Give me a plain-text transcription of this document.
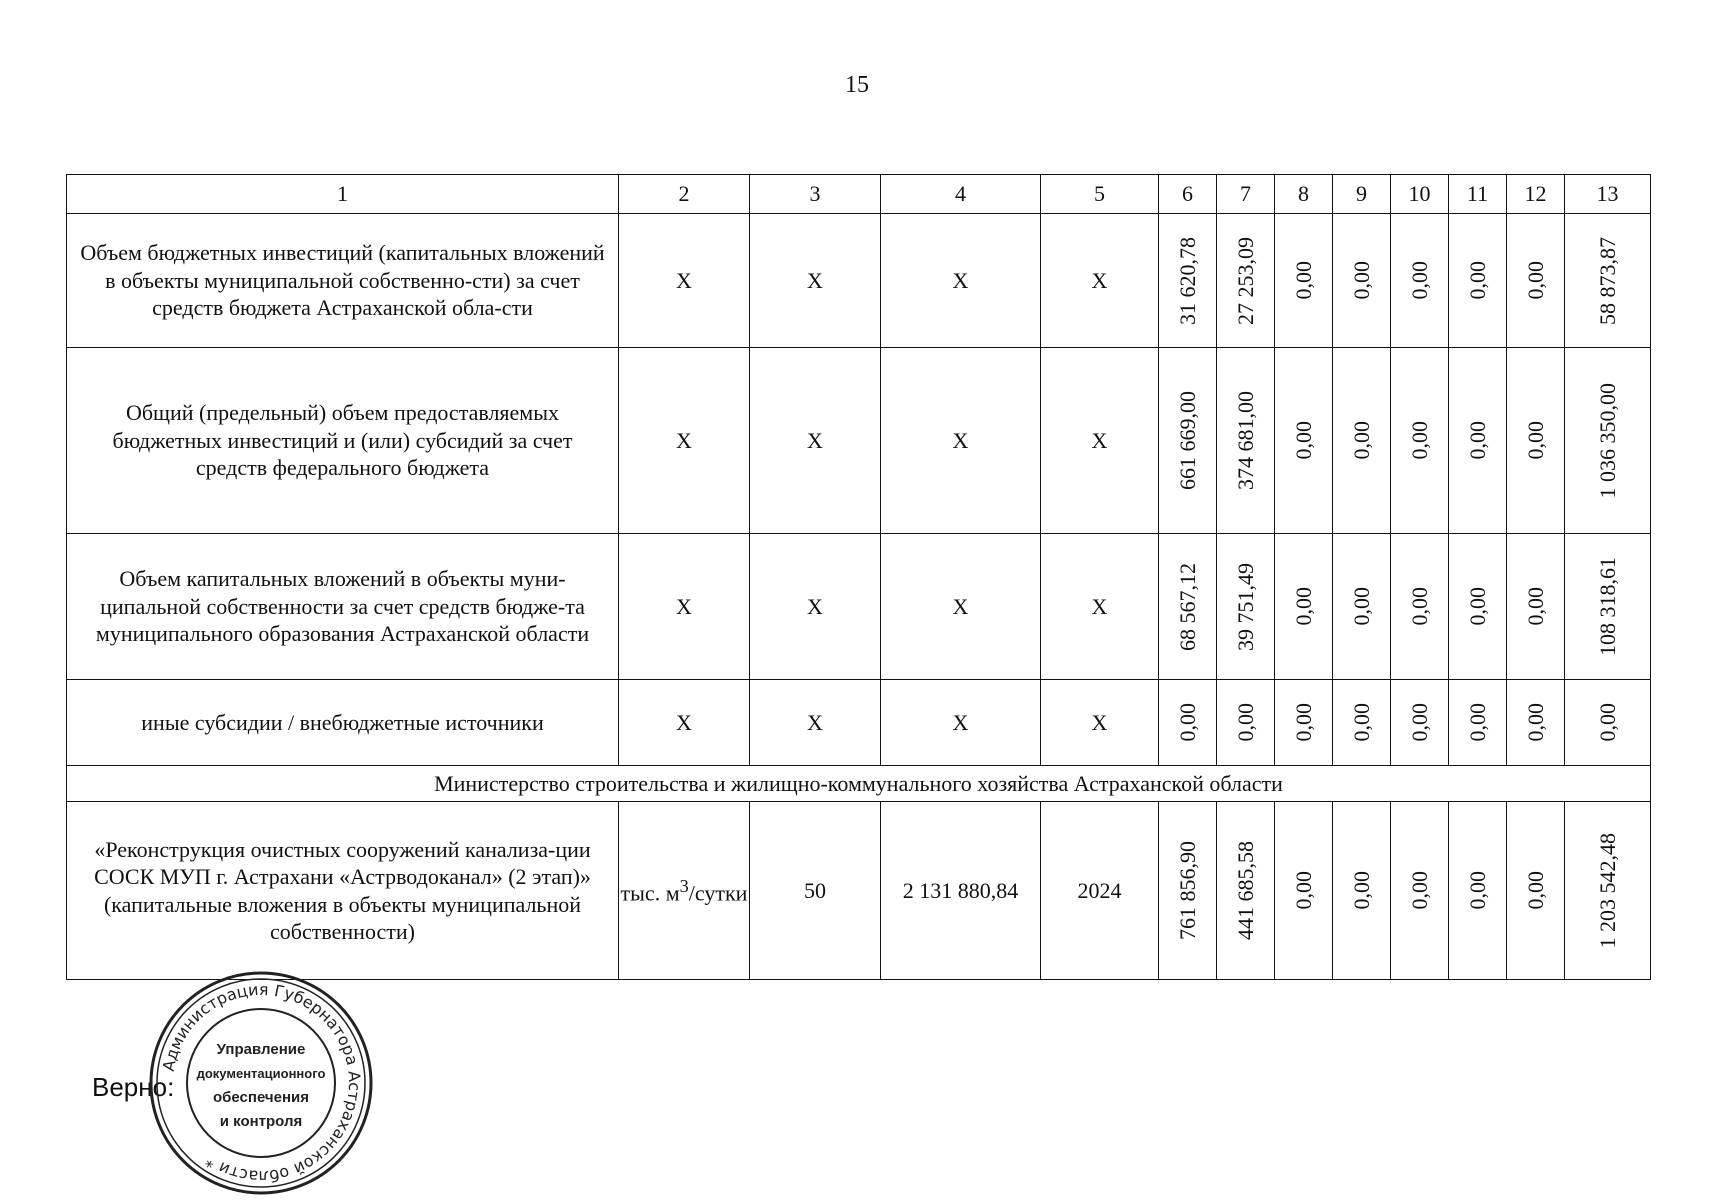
15
1	2	3	4	5	6	7	8	9	10	11	12	13
Объем бюджетных инвестиций (капитальных вложений в объекты муниципальной собственно-сти) за счет средств бюджета Астраханской обла-сти	Х	Х	Х	Х	31 620,78	27 253,09	0,00	0,00	0,00	0,00	0,00	58 873,87

Общий (предельный) объем предоставляемых бюджетных инвестиций и (или) субсидий за счет средств федерального бюджета	Х	Х	Х	Х	661 669,00	374 681,00	0,00	0,00	0,00	0,00	0,00	1 036 350,00

Объем капитальных вложений в объекты муни-ципальной собственности за счет средств бюдже-та муниципального образования Астраханской области	Х	Х	Х	Х	68 567,12	39 751,49	0,00	0,00	0,00	0,00	0,00	108 318,61

иные субсидии / внебюджетные источники	Х	Х	Х	Х	0,00	0,00	0,00	0,00	0,00	0,00	0,00	0,00

Министерство строительства и жилищно-коммунального хозяйства Астраханской области												

«Реконструкция очистных сооружений канализа-ции СОСК МУП г. Астрахани «Астрводоканал» (2 этап)»
(капитальные вложения в объекты муниципальной собственности)	тыс. $м^3$/сутки	50	2 131 880,84	2024	761 856,90	441 685,58	0,00	0,00	0,00	0,00	0,00	1 203 542,48
Верно:
Администрация Губернатора Астраханской области *
Управление
документационного
обеспечения
и контроля
